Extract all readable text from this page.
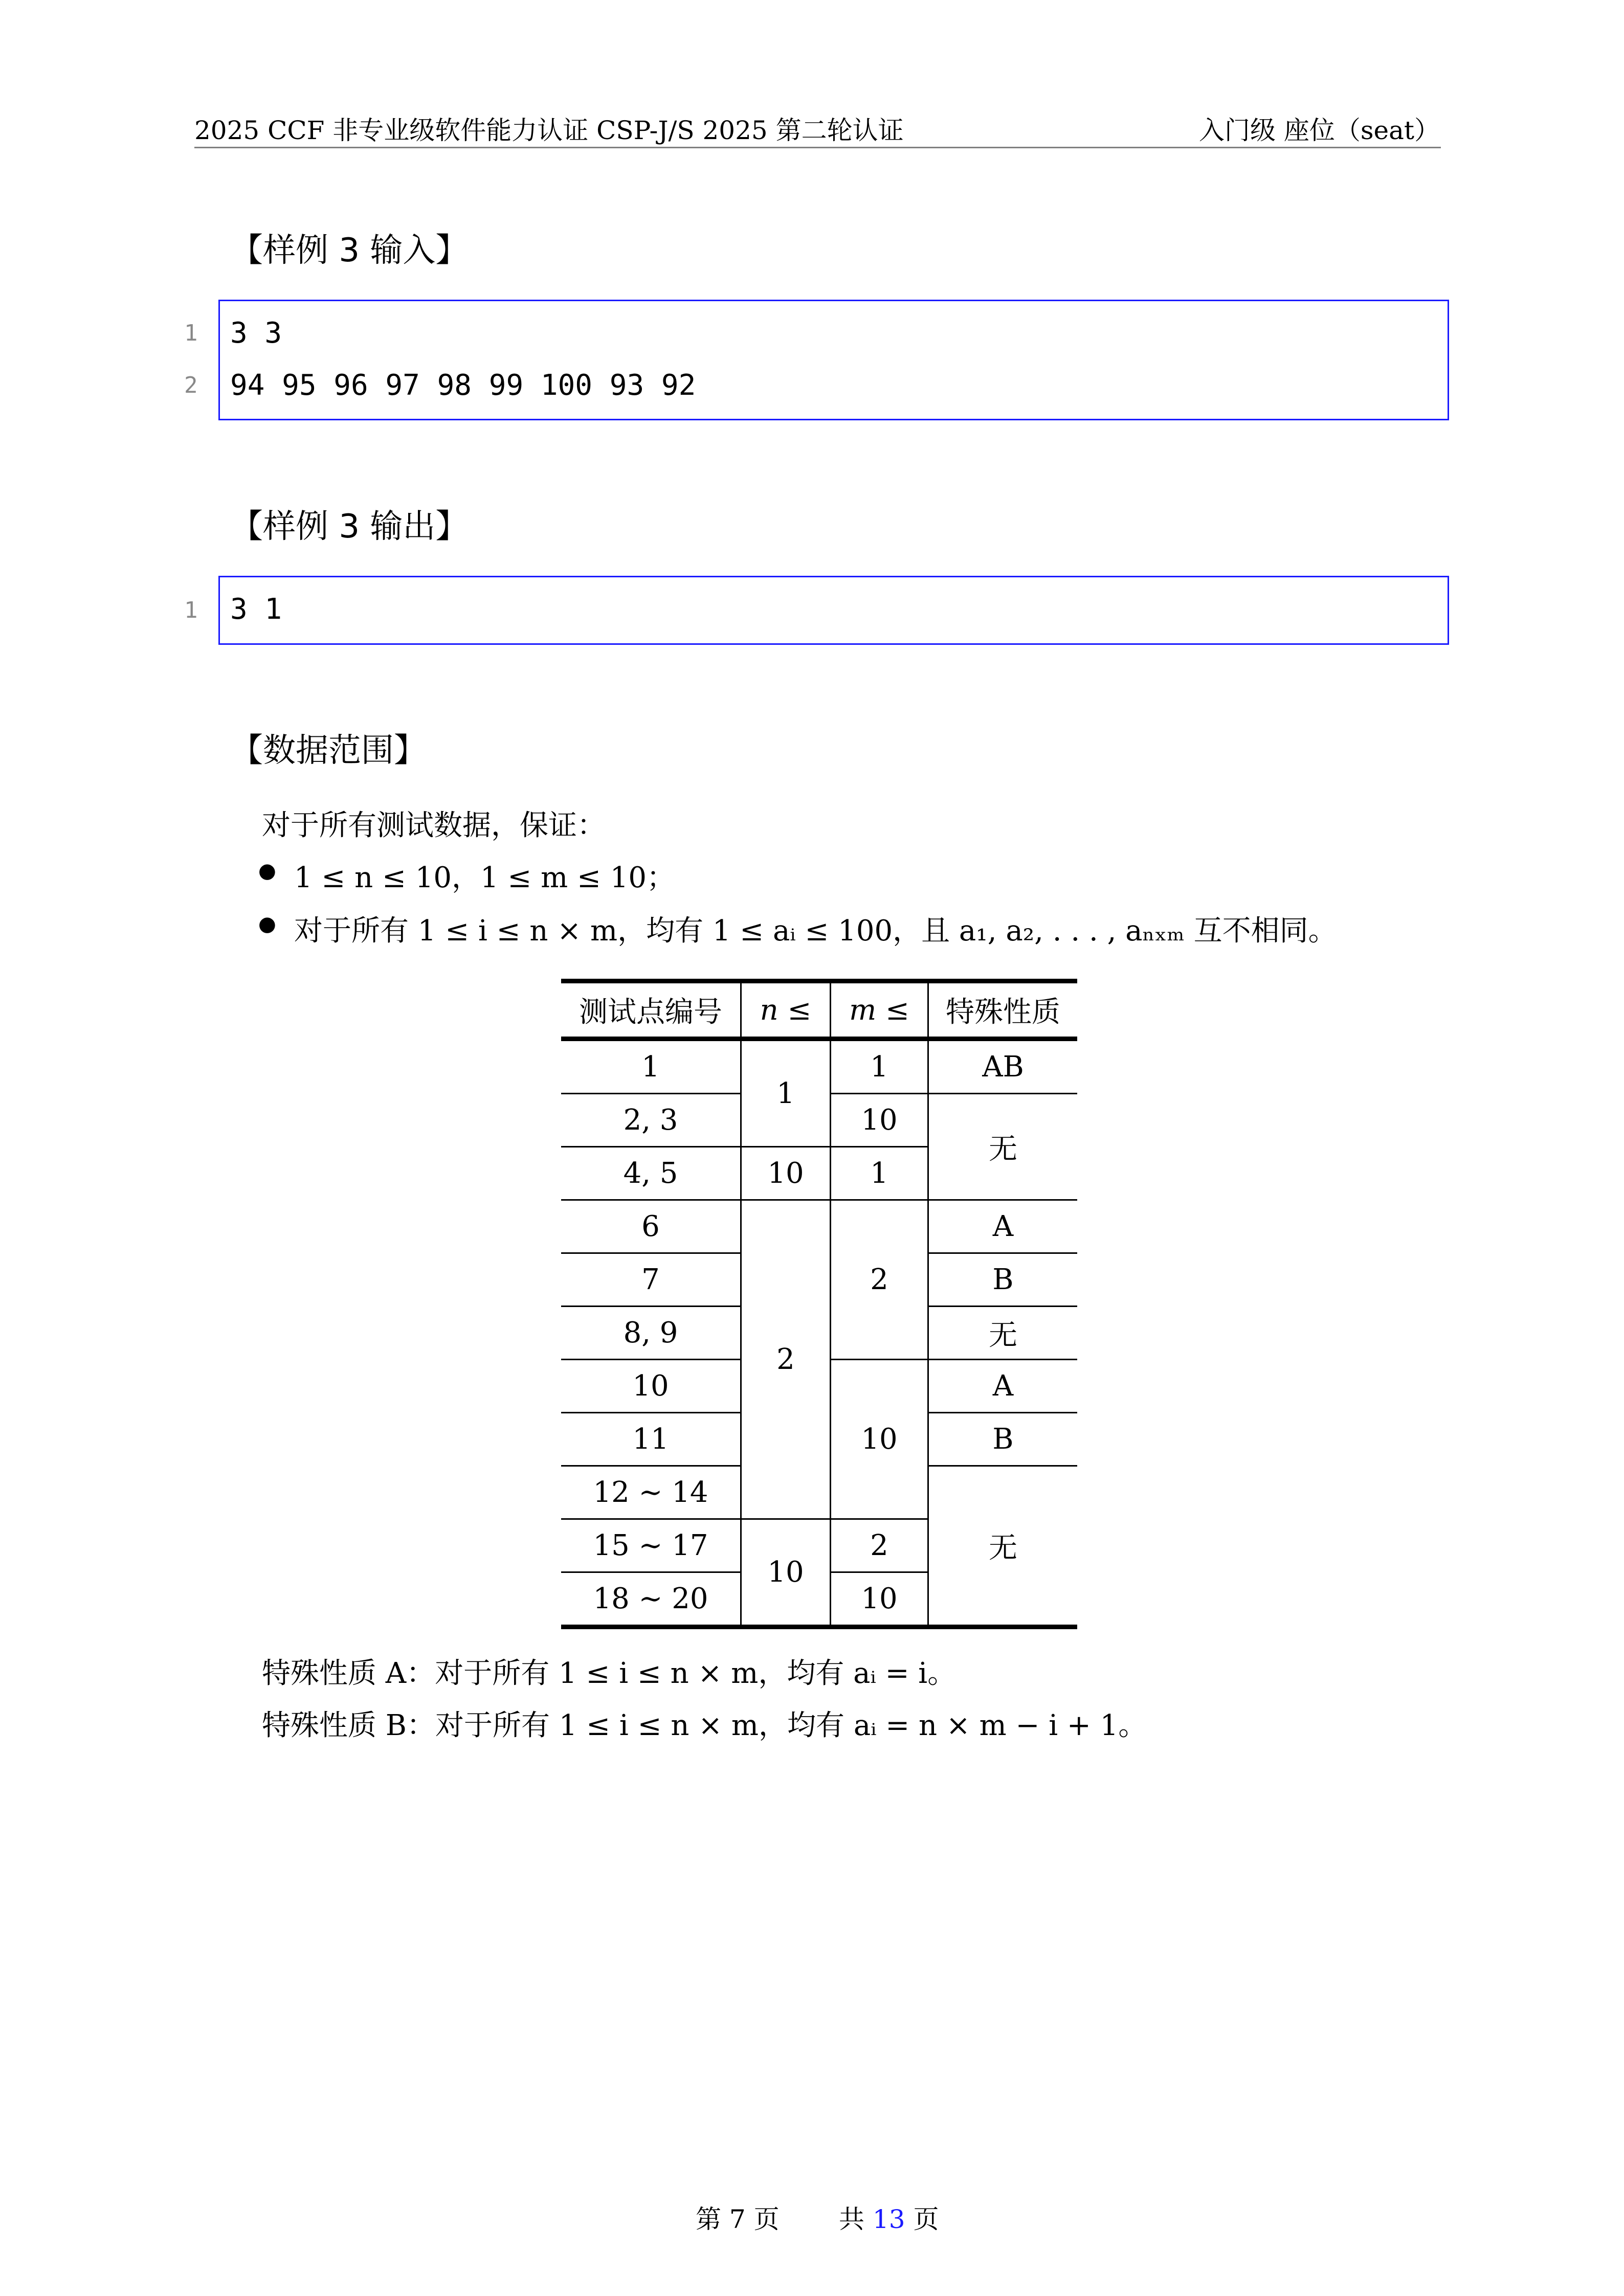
2025 CCF 非专业级软件能力认证 CSP-J/S 2025 第二轮认证	入门级 座位（seat）
【样例 3 输入】
1
2
3 3
94 95 96 97 98 99 100 93 92
【样例 3 输出】
1 3 1
【数据范围】
对于所有测试数据，保证：
● 1 ≤ n ≤ 10，1 ≤ m ≤ 10；
● 对于所有 1 ≤ i ≤ n × m，均有 1 ≤ aᵢ ≤ 100，且 a₁, a₂, . . . , aₙₓₘ 互不相同。
测试点编号	n ≤	m ≤	特殊性质
1	1	1	AB
2, 3		10	无
4, 5	10	1	
6	2	2	A
7			B
8, 9			无
10		10	A
11			B
12 ∼ 14			无
15 ∼ 17	10	2	
18 ∼ 20		10	
特殊性质 A：对于所有 1 ≤ i ≤ n × m，均有 aᵢ = i。
特殊性质 B：对于所有 1 ≤ i ≤ n × m，均有 aᵢ = n × m − i + 1。
第 7 页 共 13 页
